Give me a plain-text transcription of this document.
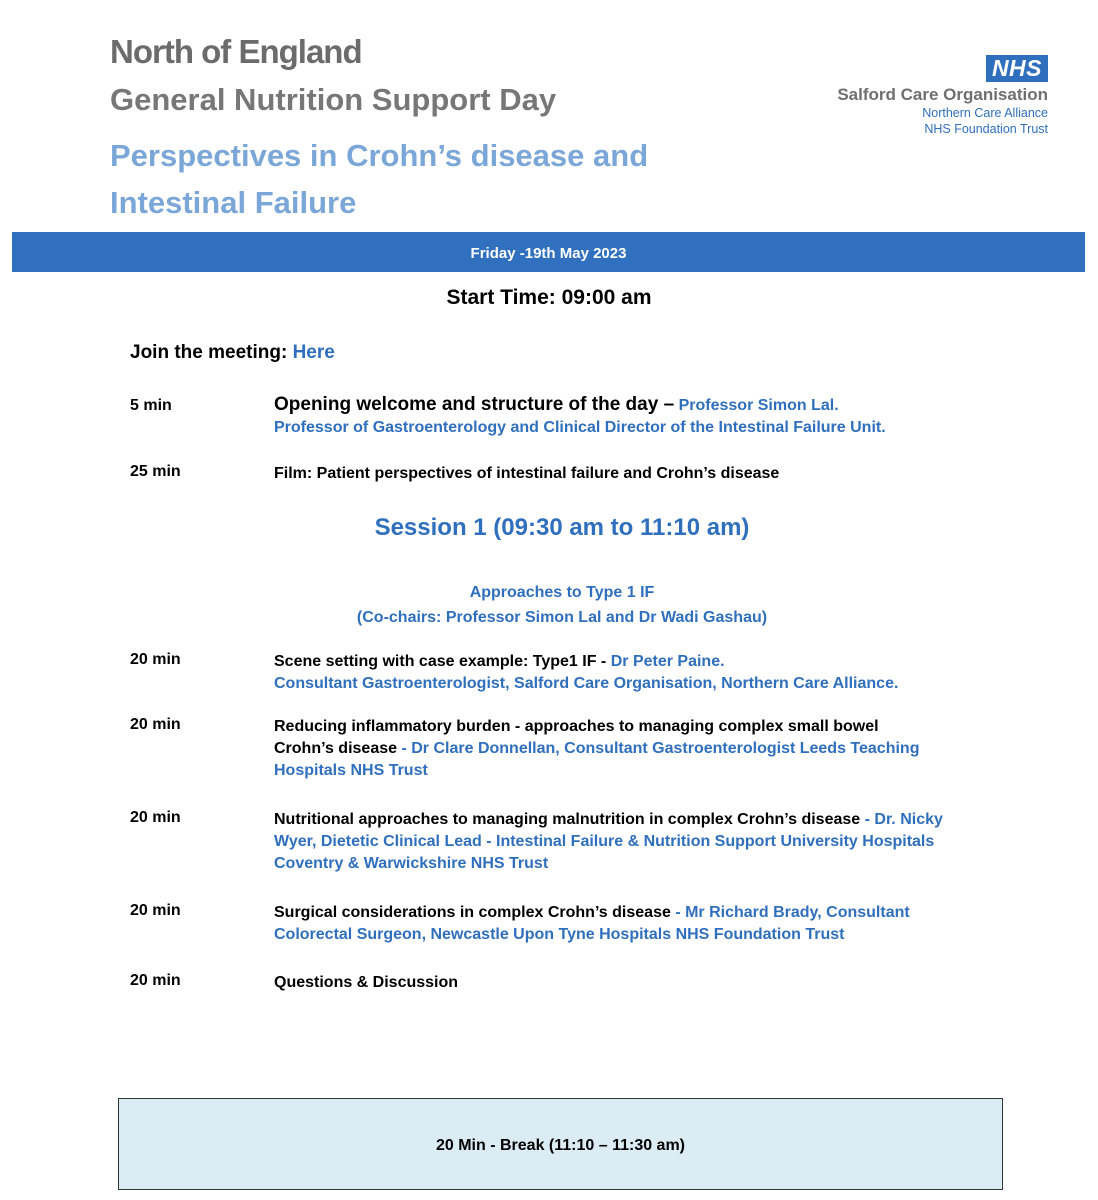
North of England
General Nutrition Support Day
Perspectives in Crohn’s disease and Intestinal Failure
NHS
Salford Care Organisation
Northern Care Alliance
NHS Foundation Trust
Friday -19th May 2023
Start Time: 09:00 am
Join the meeting: Here
5 min	Opening welcome and structure of the day – Professor Simon Lal.
Professor of Gastroenterology and Clinical Director of the Intestinal Failure Unit.
25 min	Film: Patient perspectives of intestinal failure and Crohn’s disease
Session 1 (09:30 am to 11:10 am)
Approaches to Type 1 IF
(Co-chairs: Professor Simon Lal and Dr Wadi Gashau)
20 min	Scene setting with case example: Type1 IF - Dr Peter Paine.
Consultant Gastroenterologist, Salford Care Organisation, Northern Care Alliance.
20 min	Reducing inflammatory burden - approaches to managing complex small bowel Crohn’s disease - Dr Clare Donnellan, Consultant Gastroenterologist Leeds Teaching Hospitals NHS Trust
20 min	Nutritional approaches to managing malnutrition in complex Crohn’s disease - Dr. Nicky Wyer, Dietetic Clinical Lead - Intestinal Failure & Nutrition Support University Hospitals Coventry & Warwickshire NHS Trust
20 min	Surgical considerations in complex Crohn’s disease - Mr Richard Brady, Consultant Colorectal Surgeon, Newcastle Upon Tyne Hospitals NHS Foundation Trust
20 min	Questions & Discussion
20 Min - Break (11:10 – 11:30 am)
